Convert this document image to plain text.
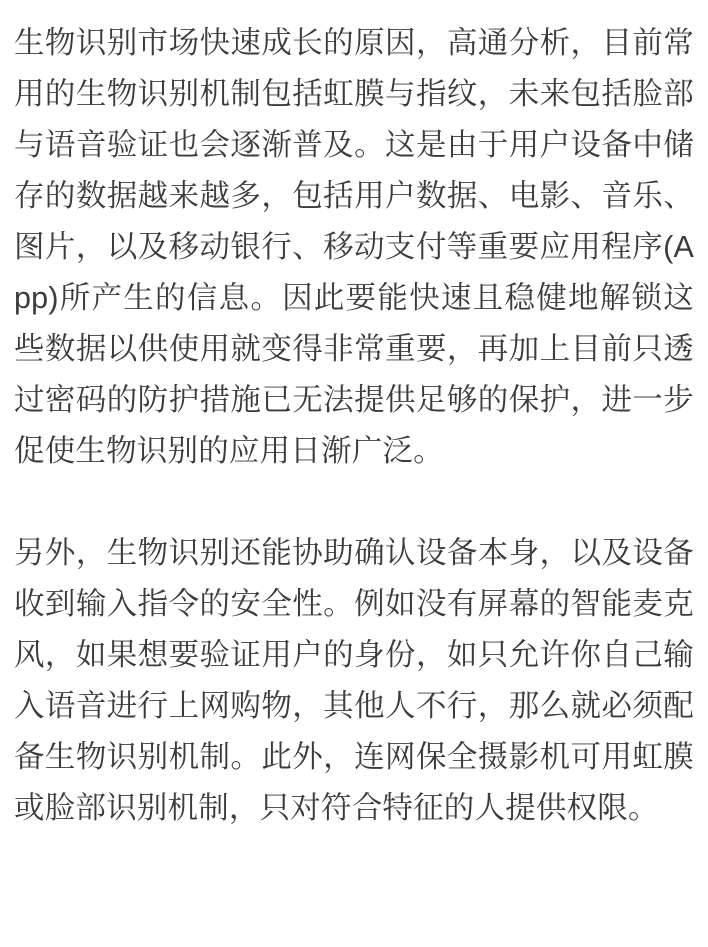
生物识别市场快速成长的原因，高通分析，目前常用的生物识别机制包括虹膜与指纹，未来包括脸部与语音验证也会逐渐普及。这是由于用户设备中储存的数据越来越多，包括用户数据、电影、音乐、图片，以及移动银行、移动支付等重要应用程序(App)所产生的信息。因此要能快速且稳健地解锁这些数据以供使用就变得非常重要，再加上目前只透过密码的防护措施已无法提供足够的保护，进一步促使生物识别的应用日渐广泛。

另外，生物识别还能协助确认设备本身，以及设备收到输入指令的安全性。例如没有屏幕的智能麦克风，如果想要验证用户的身份，如只允许你自己输入语音进行上网购物，其他人不行，那么就必须配备生物识别机制。此外，连网保全摄影机可用虹膜或脸部识别机制，只对符合特征的人提供权限。
